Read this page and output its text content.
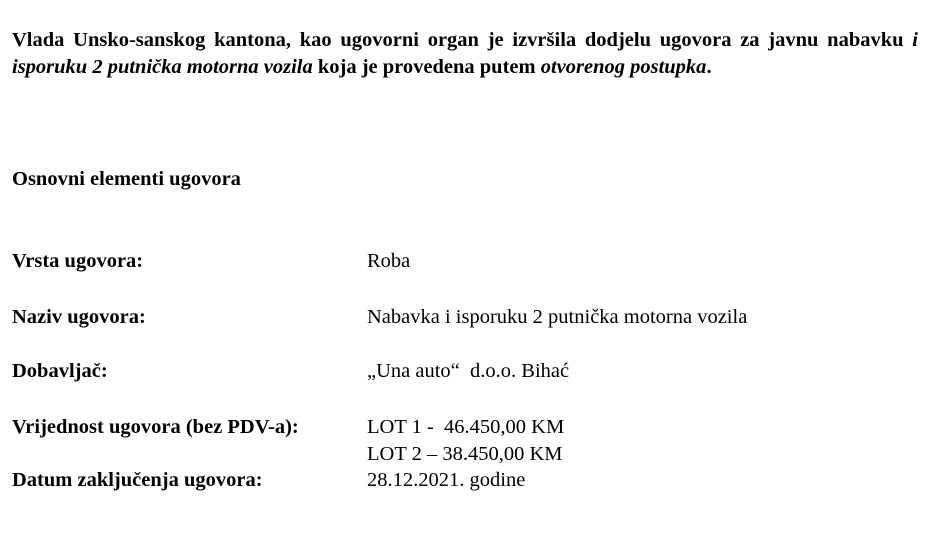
Vlada Unsko-sanskog kantona, kao ugovorni organ je izvršila dodjelu ugovora za javnu nabavku i isporuku 2 putnička motorna vozila koja je provedena putem otvorenog postupka.

Osnovni elementi ugovora
Vrsta ugovora:	Roba
Naziv ugovora:	Nabavka i isporuku 2 putnička motorna vozila
Dobavljač:	„Una auto“  d.o.o. Bihać
Vrijednost ugovora (bez PDV-a):	LOT 1 -  46.450,00 KM
LOT 2 – 38.450,00 KM
Datum zaključenja ugovora:	28.12.2021. godine
